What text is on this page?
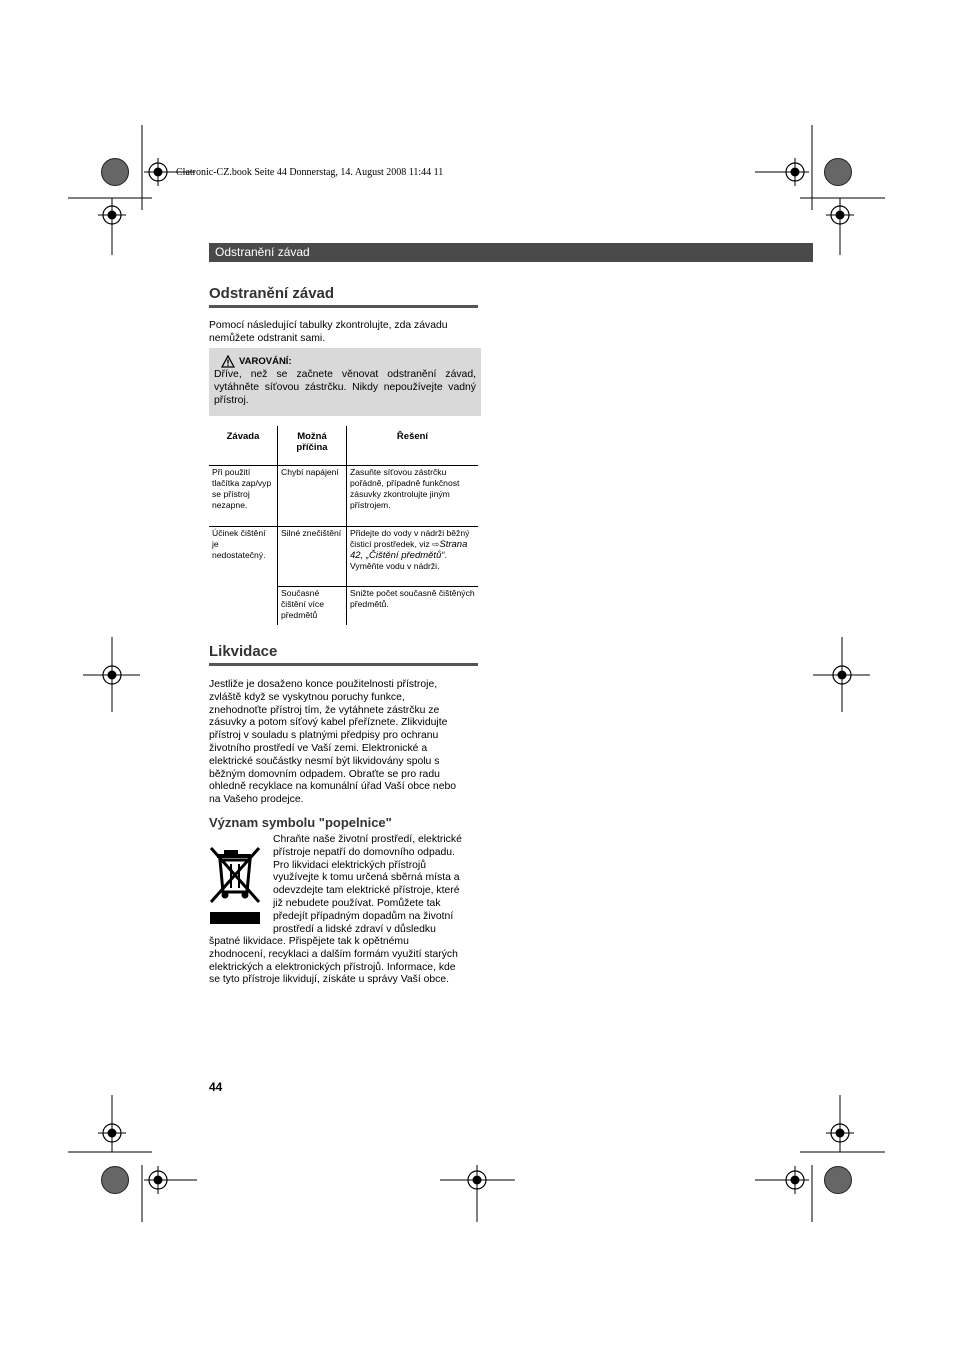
Clatronic-CZ.book Seite 44 Donnerstag, 14. August 2008 11:44 11
Odstranění závad
Odstranění závad
Pomocí následující tabulky zkontrolujte, zda závadu nemůžete odstranit sami.
VAROVÁNÍ:
Dříve, než se začnete věnovat odstranění závad, vytáhněte síťovou zástrčku. Nikdy nepoužívejte vadný přístroj.
Závada	Možná příčina	Řešení
Při použití tlačítka zap/vyp se přístroj nezapne.	Chybí napájení	Zasuňte síťovou zástrčku pořádně, případně funkčnost zásuvky zkontrolujte jiným přístrojem.
Účinek čištění je nedostatečný.	Silné znečištění	Přidejte do vody v nádrži běžný čisticí prostředek, viz ⇨Strana 42, „Čištění předmětů“. Vyměňte vodu v nádrži.
	Současné čištění více předmětů	Snižte počet současně čištěných předmětů.
Likvidace
Jestliže je dosaženo konce použitelnosti přístroje,
zvláště když se vyskytnou poruchy funkce,
znehodnoťte přístroj tím, že vytáhnete zástrčku ze
zásuvky a potom síťový kabel přeříznete. Zlikvidujte
přístroj v souladu s platnými předpisy pro ochranu
životního prostředí ve Vaší zemi. Elektronické a
elektrické součástky nesmí být likvidovány spolu s
běžným domovním odpadem. Obraťte se pro radu
ohledně recyklace na komunální úřad Vaší obce nebo
na Vašeho prodejce.
Význam symbolu "popelnice"
Chraňte naše životní prostředí, elektrické
přístroje nepatří do domovního odpadu.
Pro likvidaci elektrických přístrojů
využívejte k tomu určená sběrná místa a
odevzdejte tam elektrické přístroje, které
již nebudete používat. Pomůžete tak
předejít případným dopadům na životní
prostředí a lidské zdraví v důsledku
špatné likvidace. Přispějete tak k opětnému
zhodnocení, recyklaci a dalším formám využití starých
elektrických a elektronických přístrojů. Informace, kde
se tyto přístroje likvidují, získáte u správy Vaší obce.
44
